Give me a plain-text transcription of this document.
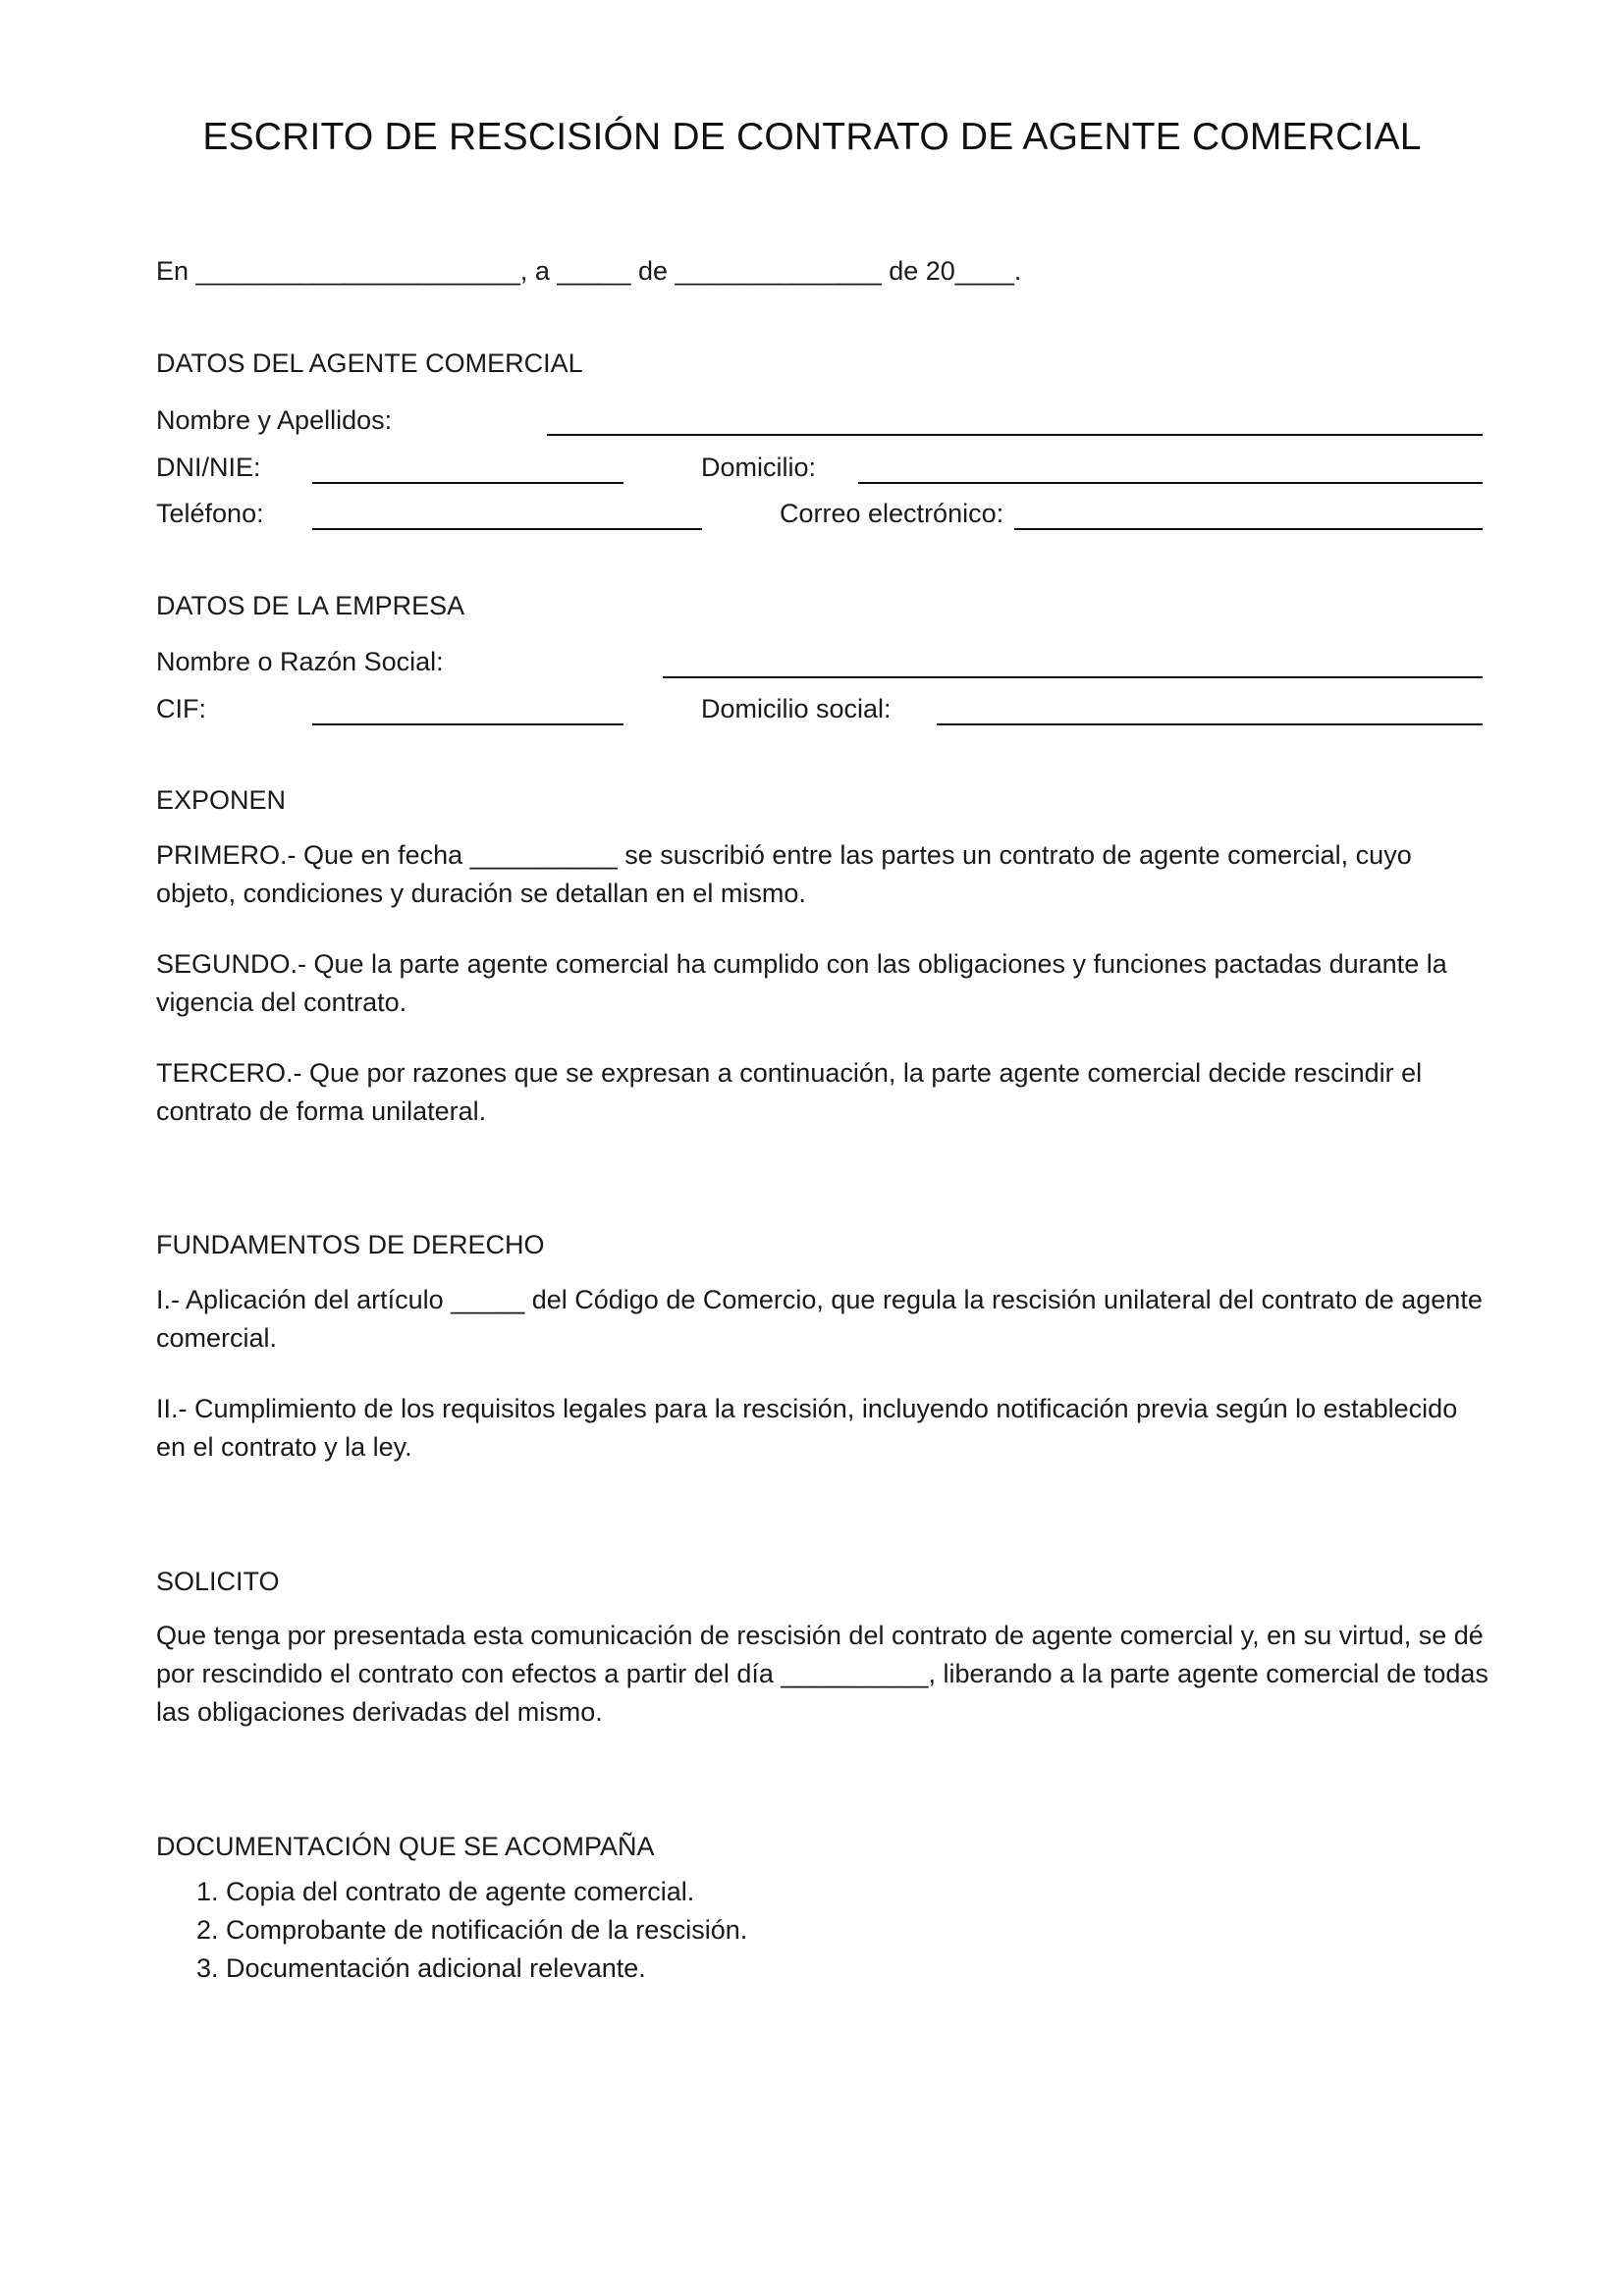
ESCRITO DE RESCISIÓN DE CONTRATO DE AGENTE COMERCIAL
En ______________________, a _____ de ______________ de 20____.
DATOS DEL AGENTE COMERCIAL
Nombre y Apellidos:
DNI/NIE:	Domicilio:
Teléfono:	Correo electrónico:
DATOS DE LA EMPRESA
Nombre o Razón Social:
CIF:	Domicilio social:
EXPONEN
PRIMERO.- Que en fecha __________ se suscribió entre las partes un contrato de agente comercial, cuyo objeto, condiciones y duración se detallan en el mismo.
SEGUNDO.- Que la parte agente comercial ha cumplido con las obligaciones y funciones pactadas durante la vigencia del contrato.
TERCERO.- Que por razones que se expresan a continuación, la parte agente comercial decide rescindir el contrato de forma unilateral.
FUNDAMENTOS DE DERECHO
I.- Aplicación del artículo _____ del Código de Comercio, que regula la rescisión unilateral del contrato de agente comercial.
II.- Cumplimiento de los requisitos legales para la rescisión, incluyendo notificación previa según lo establecido en el contrato y la ley.
SOLICITO
Que tenga por presentada esta comunicación de rescisión del contrato de agente comercial y, en su virtud, se dé por rescindido el contrato con efectos a partir del día __________, liberando a la parte agente comercial de todas las obligaciones derivadas del mismo.
DOCUMENTACIÓN QUE SE ACOMPAÑA
1. Copia del contrato de agente comercial.
2. Comprobante de notificación de la rescisión.
3. Documentación adicional relevante.
